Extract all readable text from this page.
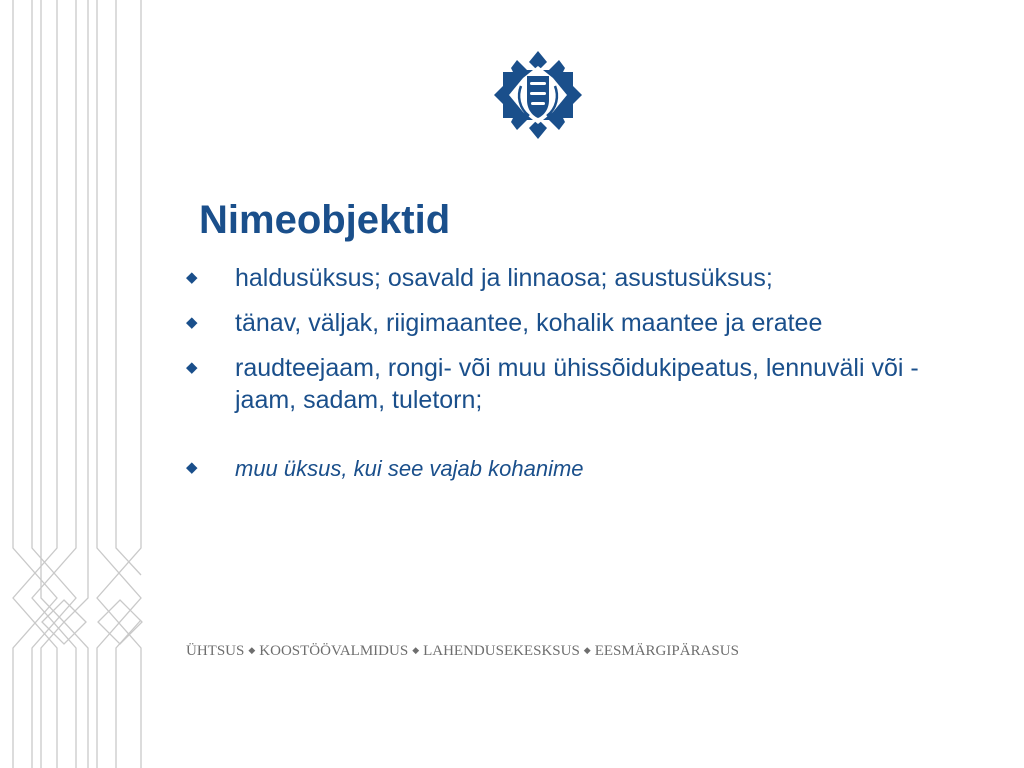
Nimeobjektid
◆ haldusüksus; osavald ja linnaosa; asustusüksus;
◆ tänav, väljak, riigimaantee, kohalik maantee ja eratee
◆ raudteejaam, rongi- või muu ühissõidukipeatus, lennuväli või -jaam, sadam, tuletorn;
◆ muu üksus, kui see vajab kohanime

ÜHTSUS ◆ KOOSTÖÖVALMIDUS ◆ LAHENDUSEKESKSUS ◆ EESMÄRGIPÄRASUS
